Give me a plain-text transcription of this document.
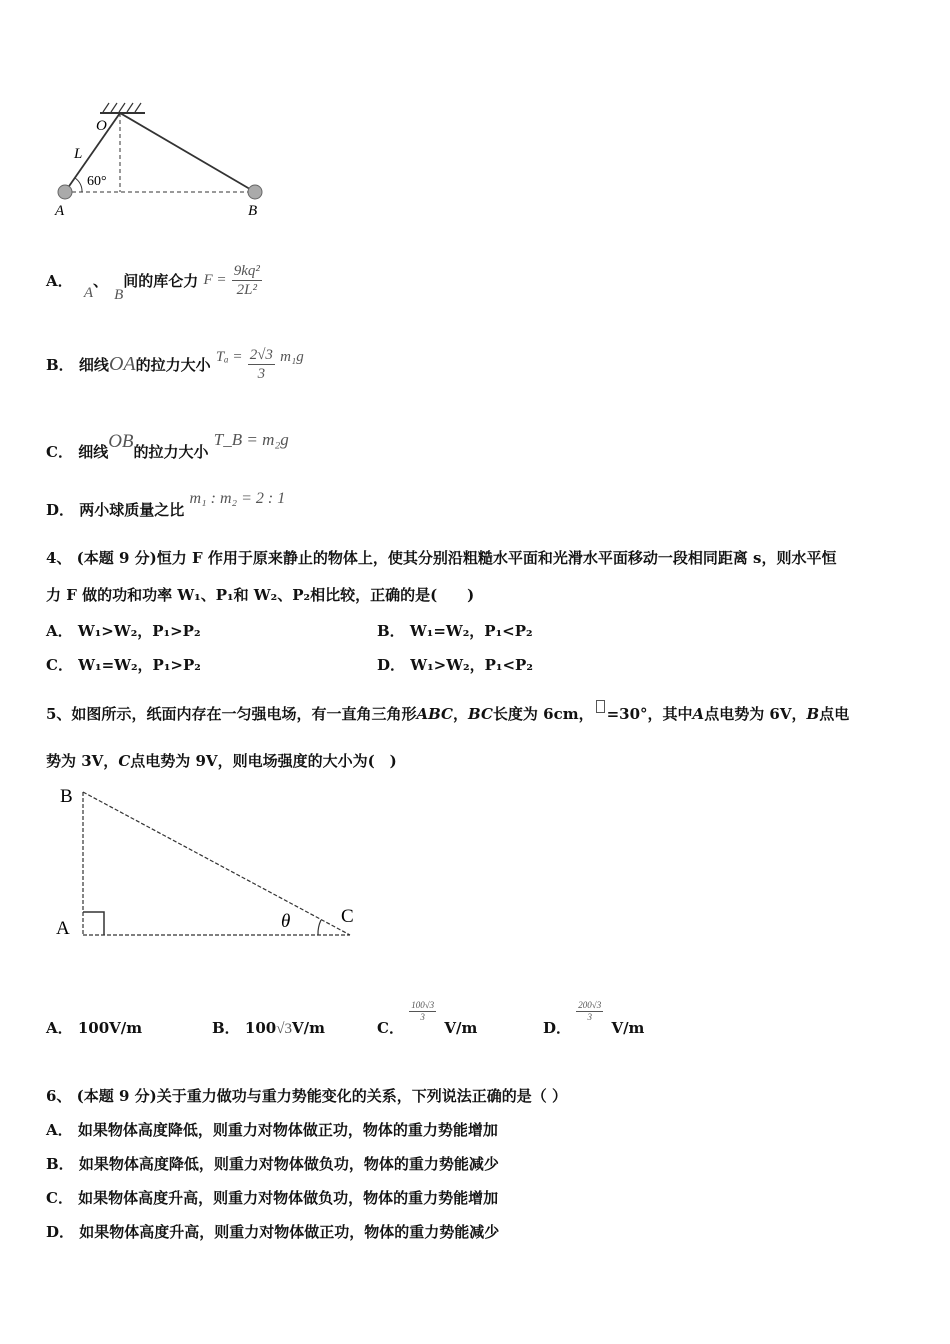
O
L
60°
A	B
A． A、B间的库仑力 $F = \frac{\text{9kq²}}{\text{2L²}}$
B． 细线OA的拉力大小 $T_a = \frac{2√3}{3} m_1g$
C． 细线OB的拉力大小 T_B = m₂g
D． 两小球质量之比 m₁ : m₂ = 2 : 1
4、 (本题 9 分)恒力 F 作用于原来静止的物体上，使其分别沿粗糙水平面和光滑水平面移动一段相同距离 s，则水平恒
力 F 做的功和功率 W₁、P₁和 W₂、P₂相比较，正确的是(　　)
A． W₁>W₂，P₁>P₂	B． W₁=W₂，P₁<P₂
C． W₁=W₂，P₁>P₂	D． W₁>W₂，P₁<P₂
5、如图所示，纸面内存在一匀强电场，有一直角三角形ABC，BC长度为 6cm， =30°，其中A点电势为 6V，B点电
势为 3V，C点电势为 9V，则电场强度的大小为(　)
B
A
C
θ
A． 100V/m	B． 100√3V/m	C．
$\frac{100√3}{3}$
V/m	D．
$\frac{200√3}{3}$
V/m
6、 (本题 9 分)关于重力做功与重力势能变化的关系，下列说法正确的是（ ）
A． 如果物体高度降低，则重力对物体做正功，物体的重力势能增加
B． 如果物体高度降低，则重力对物体做负功，物体的重力势能减少
C． 如果物体高度升高，则重力对物体做负功，物体的重力势能增加
D． 如果物体高度升高，则重力对物体做正功，物体的重力势能减少
